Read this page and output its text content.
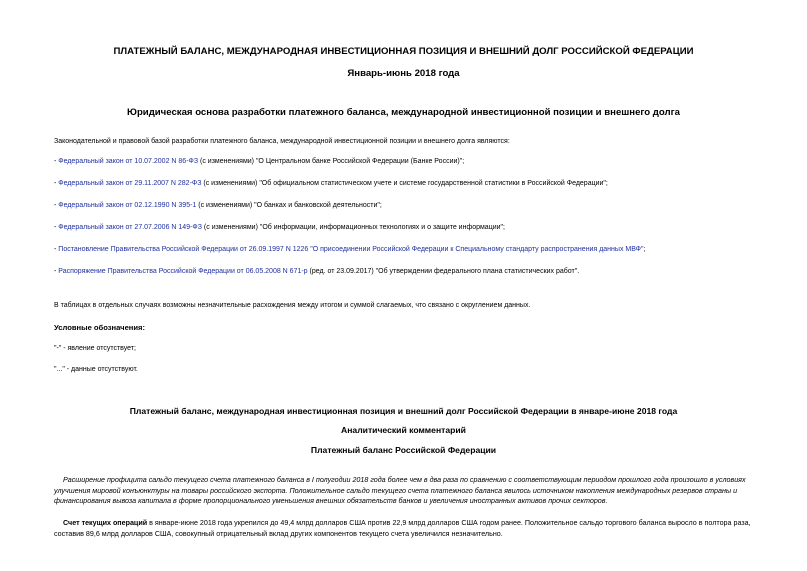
ПЛАТЕЖНЫЙ БАЛАНС, МЕЖДУНАРОДНАЯ ИНВЕСТИЦИОННАЯ ПОЗИЦИЯ И ВНЕШНИЙ ДОЛГ РОССИЙСКОЙ ФЕДЕРАЦИИ
Январь-июнь 2018 года
Юридическая основа разработки платежного баланса, международной инвестиционной позиции и внешнего долга
Законодательной и правовой базой разработки платежного баланса, международной инвестиционной позиции и внешнего долга являются:
- Федеральный закон от 10.07.2002 N 86-ФЗ (с изменениями) "О Центральном банке Российской Федерации (Банке России)";
- Федеральный закон от 29.11.2007 N 282-ФЗ (с изменениями) "Об официальном статистическом учете и системе государственной статистики в Российской Федерации";
- Федеральный закон от 02.12.1990 N 395-1 (с изменениями) "О банках и банковской деятельности";
- Федеральный закон от 27.07.2006 N 149-ФЗ (с изменениями) "Об информации, информационных технологиях и о защите информации";
- Постановление Правительства Российской Федерации от 26.09.1997 N 1226 "О присоединении Российской Федерации к Специальному стандарту распространения данных МВФ";
- Распоряжение Правительства Российской Федерации от 06.05.2008 N 671-р (ред. от 23.09.2017) "Об утверждении федерального плана статистических работ".
В таблицах в отдельных случаях возможны незначительные расхождения между итогом и суммой слагаемых, что связано с округлением данных.
Условные обозначения:
"-" - явление отсутствует;
"..." - данные отсутствуют.
Платежный баланс, международная инвестиционная позиция и внешний долг Российской Федерации в январе-июне 2018 года
Аналитический комментарий
Платежный баланс Российской Федерации
Расширение профицита сальдо текущего счета платежного баланса в I полугодии 2018 года более чем в два раза по сравнению с соответствующим периодом прошлого года произошло в условиях улучшения мировой конъюнктуры на товары российского экспорта. Положительное сальдо текущего счета платежного баланса явилось источником накопления международных резервов страны и финансирования вывоза капитала в форме пропорционального уменьшения внешних обязательств банков и увеличения иностранных активов прочих секторов.
Счет текущих операций в январе-июне 2018 года укрепился до 49,4 млрд долларов США против 22,9 млрд долларов США годом ранее. Положительное сальдо торгового баланса выросло в полтора раза, составив 89,6 млрд долларов США, совокупный отрицательный вклад других компонентов текущего счета увеличился незначительно.
